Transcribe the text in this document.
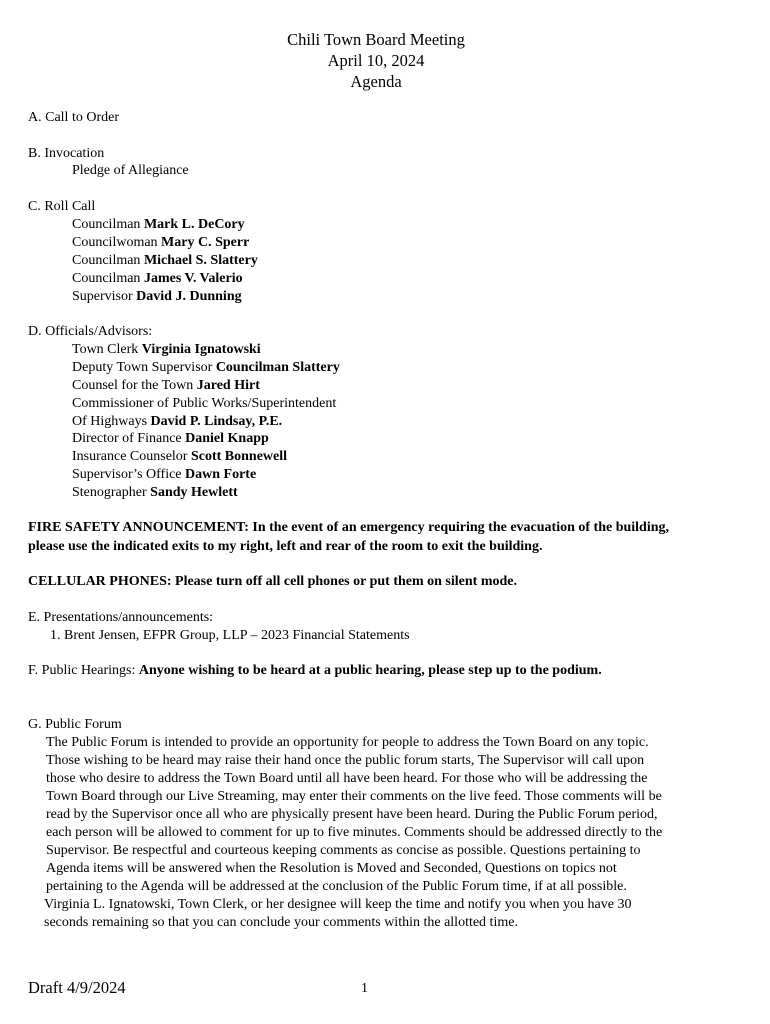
Chili Town Board Meeting
April 10, 2024
Agenda
A. Call to Order
B. Invocation
Pledge of Allegiance
C. Roll Call
Councilman Mark L. DeCory
Councilwoman Mary C. Sperr
Councilman Michael S. Slattery
Councilman James V. Valerio
Supervisor David J. Dunning
D. Officials/Advisors:
Town Clerk Virginia Ignatowski
Deputy Town Supervisor Councilman Slattery
Counsel for the Town Jared Hirt
Commissioner of Public Works/Superintendent
Of Highways David P. Lindsay, P.E.
Director of Finance Daniel Knapp
Insurance Counselor Scott Bonnewell
Supervisor’s Office Dawn Forte
Stenographer Sandy Hewlett
FIRE SAFETY ANNOUNCEMENT: In the event of an emergency requiring the evacuation of the building,
please use the indicated exits to my right, left and rear of the room to exit the building.
CELLULAR PHONES: Please turn off all cell phones or put them on silent mode.
E. Presentations/announcements:
1. Brent Jensen, EFPR Group, LLP – 2023 Financial Statements
F. Public Hearings: Anyone wishing to be heard at a public hearing, please step up to the podium.
G. Public Forum
The Public Forum is intended to provide an opportunity for people to address the Town Board on any topic.
Those wishing to be heard may raise their hand once the public forum starts, The Supervisor will call upon
those who desire to address the Town Board until all have been heard. For those who will be addressing the
Town Board through our Live Streaming, may enter their comments on the live feed. Those comments will be
read by the Supervisor once all who are physically present have been heard. During the Public Forum period,
each person will be allowed to comment for up to five minutes. Comments should be addressed directly to the
Supervisor. Be respectful and courteous keeping comments as concise as possible. Questions pertaining to
Agenda items will be answered when the Resolution is Moved and Seconded, Questions on topics not
pertaining to the Agenda will be addressed at the conclusion of the Public Forum time, if at all possible.
Virginia L. Ignatowski, Town Clerk, or her designee will keep the time and notify you when you have 30
seconds remaining so that you can conclude your comments within the allotted time.
Draft 4/9/2024	1
